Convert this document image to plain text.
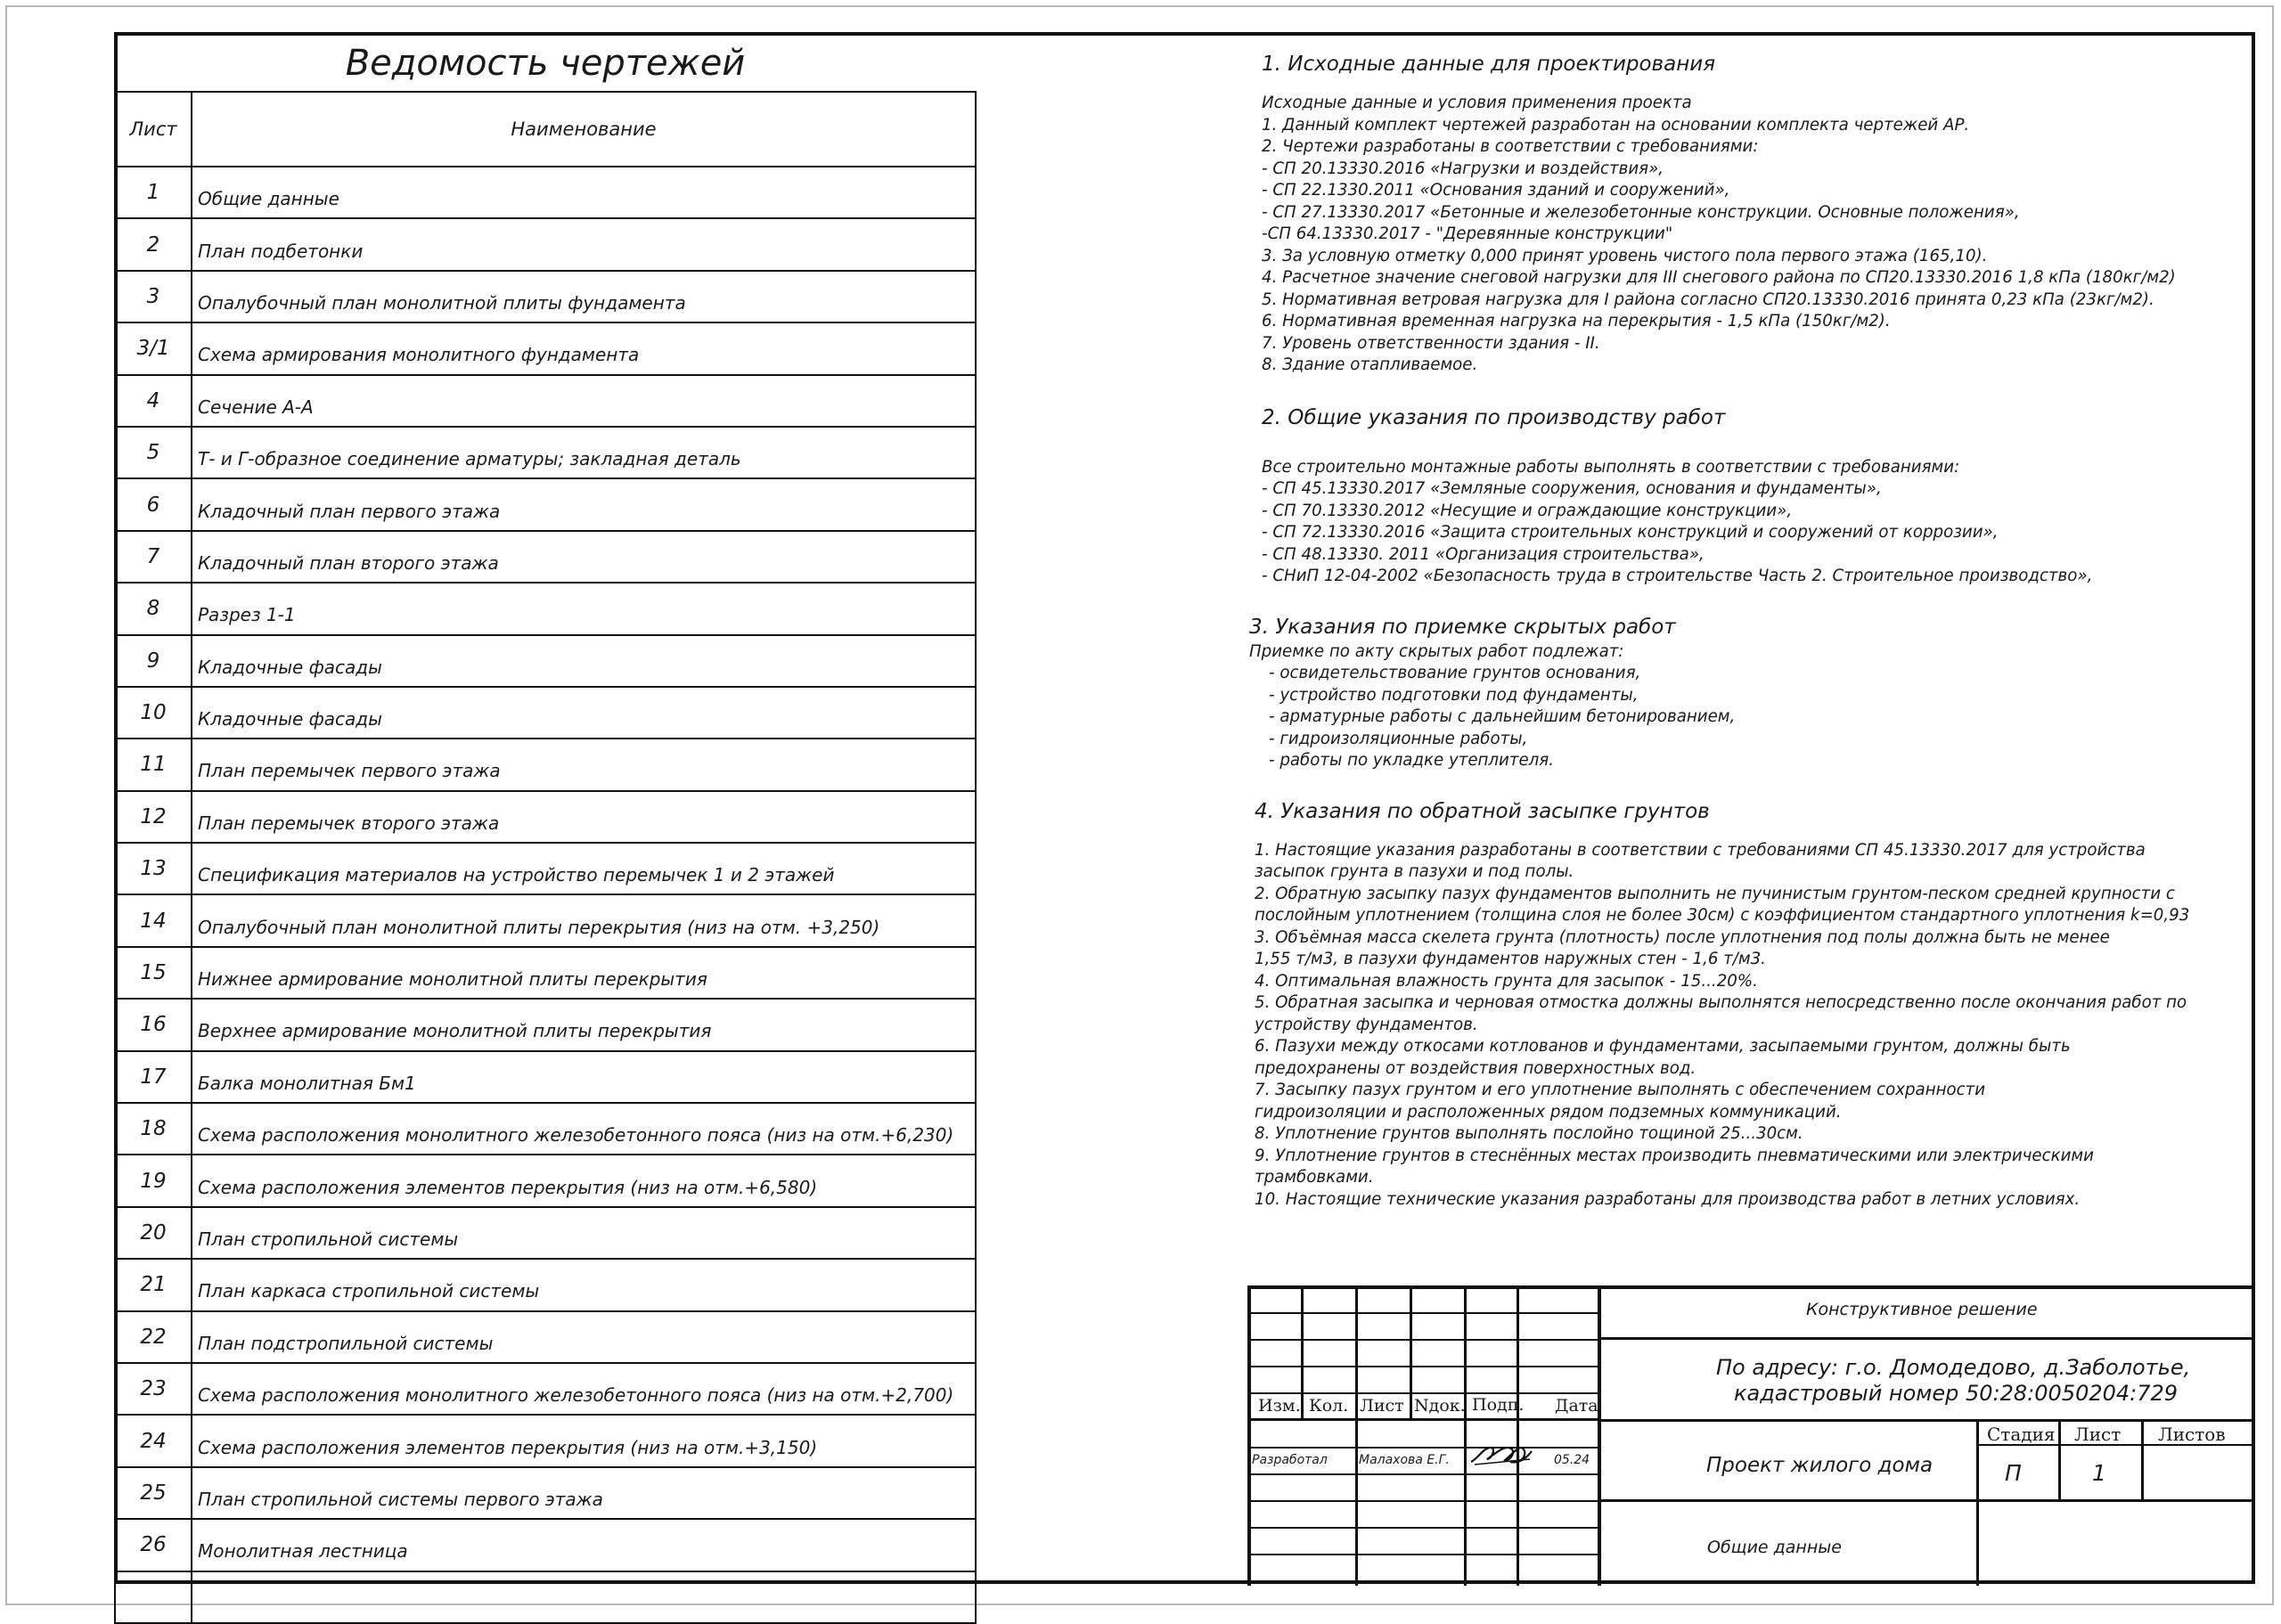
Ведомость чертежей
Лист	Наименование
1	Общие данные
2	План подбетонки
3	Опалубочный план монолитной плиты фундамента
3/1	Схема армирования монолитного фундамента
4	Сечение А-А
5	Т- и Г-образное соединение арматуры; закладная деталь
6	Кладочный план первого этажа
7	Кладочный план второго этажа
8	Разрез 1-1
9	Кладочные фасады
10	Кладочные фасады
11	План перемычек первого этажа
12	План перемычек второго этажа
13	Спецификация материалов на устройство перемычек 1 и 2 этажей
14	Опалубочный план монолитной плиты перекрытия (низ на отм. +3,250)
15	Нижнее армирование монолитной плиты перекрытия
16	Верхнее армирование монолитной плиты перекрытия
17	Балка монолитная Бм1
18	Схема расположения монолитного железобетонного пояса (низ на отм.+6,230)
19	Схема расположения элементов перекрытия (низ на отм.+6,580)
20	План стропильной системы
21	План каркаса стропильной системы
22	План подстропильной системы
23	Схема расположения монолитного железобетонного пояса (низ на отм.+2,700)
24	Схема расположения элементов перекрытия (низ на отм.+3,150)
25	План стропильной системы первого этажа
26	Монолитная лестница

1. Исходные данные для проектирования

Исходные данные и условия применения проекта

1. Данный комплект чертежей разработан на основании комплекта чертежей АР.

2. Чертежи разработаны в соответствии с требованиями:

- СП 20.13330.2016 «Нагрузки и воздействия»,

- СП 22.1330.2011 «Основания зданий и сооружений»,

- СП 27.13330.2017 «Бетонные и железобетонные конструкции. Основные положения»,

-СП 64.13330.2017 - "Деревянные конструкции"

3. За условную отметку 0,000 принят уровень чистого пола первого этажа (165,10).

4. Расчетное значение снеговой нагрузки для III снегового района по СП20.13330.2016 1,8 кПа (180кг/м2)

5. Нормативная ветровая нагрузка для I района согласно СП20.13330.2016 принята 0,23 кПа (23кг/м2).

6. Нормативная временная нагрузка на перекрытия - 1,5 кПа (150кг/м2).

7. Уровень ответственности здания - II.

8. Здание отапливаемое.

2. Общие указания по производству работ

Все строительно монтажные работы выполнять в соответствии с требованиями:

- СП 45.13330.2017 «Земляные сооружения, основания и фундаменты»,

- СП 70.13330.2012 «Несущие и ограждающие конструкции»,

- СП 72.13330.2016 «Защита строительных конструкций и сооружений от коррозии»,

- СП 48.13330. 2011 «Организация строительства»,

- СНиП 12-04-2002 «Безопасность труда в строительстве Часть 2. Строительное производство»,

3. Указания по приемке скрытых работ

Приемке по акту скрытых работ подлежат:

- освидетельствование грунтов основания,

- устройство подготовки под фундаменты,

- арматурные работы с дальнейшим бетонированием,

- гидроизоляционные работы,

- работы по укладке утеплителя.

4. Указания по обратной засыпке грунтов

1. Настоящие указания разработаны в соответствии с требованиями СП 45.13330.2017 для устройства

засыпок грунта в пазухи и под полы.

2. Обратную засыпку пазух фундаментов выполнить не пучинистым грунтом-песком средней крупности с

послойным уплотнением (толщина слоя не более 30см) с коэффициентом стандартного уплотнения k=0,93

3. Объёмная масса скелета грунта (плотность) после уплотнения под полы должна быть не менее

1,55 т/м3, в пазухи фундаментов наружных стен - 1,6 т/м3.

4. Оптимальная влажность грунта для засыпок - 15...20%.

5. Обратная засыпка и черновая отмостка должны выполнятся непосредственно после окончания работ по

устройству фундаментов.

6. Пазухи между откосами котлованов и фундаментами, засыпаемыми грунтом, должны быть

предохранены от воздействия поверхностных вод.

7. Засыпку пазух грунтом и его уплотнение выполнять с обеспечением сохранности

гидроизоляции и расположенных рядом подземных коммуникаций.

8. Уплотнение грунтов выполнять послойно тощиной 25...30см.

9. Уплотнение грунтов в стеснённых местах производить пневматическими или электрическими

трамбовками.

10. Настоящие технические указания разработаны для производства работ в летних условиях.

Изм. Кол. Лист Nдок. Подп. Дата
Разработал	Малахова Е.Г.	05.24
Конструктивное решение
По адресу: г.о. Домодедово, д.Заболотье,
кадастровый номер 50:28:0050204:729
Проект жилого дома
Общие данные
Стадия Лист Листов
П	1
